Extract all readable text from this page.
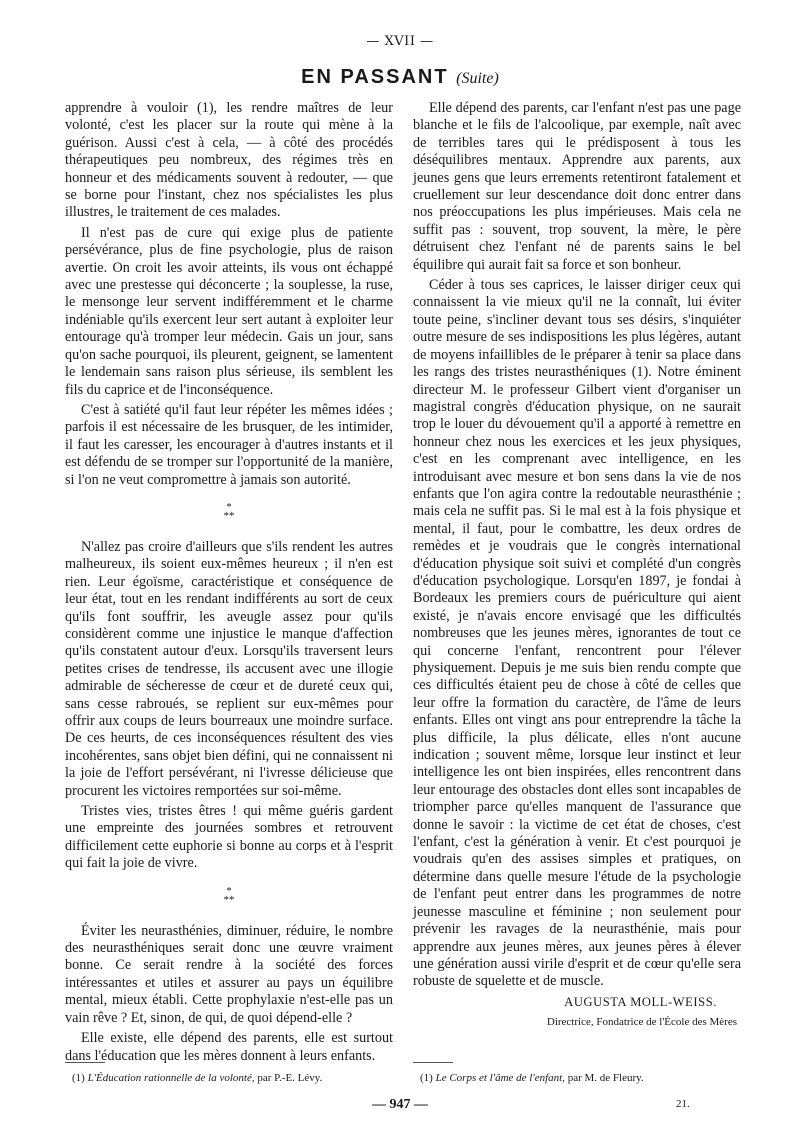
— XVII —
EN PASSANT (Suite)

apprendre à vouloir (1), les rendre maîtres de leur volonté, c'est les placer sur la route qui mène à la guérison. Aussi c'est à cela, — à côté des procédés thérapeutiques peu nombreux, des régimes très en honneur et des médicaments souvent à redouter, — que se borne pour l'instant, chez nos spécialistes les plus illustres, le traitement de ces malades.

Il n'est pas de cure qui exige plus de patiente persévérance, plus de fine psychologie, plus de raison avertie. On croit les avoir atteints, ils vous ont échappé avec une prestesse qui déconcerte ; la souplesse, la ruse, le mensonge leur servent indifféremment et le charme indéniable qu'ils exercent leur sert autant à exploiter leur entourage qu'à tromper leur médecin. Gais un jour, sans qu'on sache pourquoi, ils pleurent, geignent, se lamentent le lendemain sans raison plus sérieuse, ils semblent les fils du caprice et de l'inconséquence.

C'est à satiété qu'il faut leur répéter les mêmes idées ; parfois il est nécessaire de les brusquer, de les intimider, il faut les caresser, les encourager à d'autres instants et il est défendu de se tromper sur l'opportunité de la manière, si l'on ne veut compromettre à jamais son autorité.

*
**

N'allez pas croire d'ailleurs que s'ils rendent les autres malheureux, ils soient eux-mêmes heureux ; il n'en est rien. Leur égoïsme, caractéristique et conséquence de leur état, tout en les rendant indifférents au sort de ceux qu'ils font souffrir, les aveugle assez pour qu'ils considèrent comme une injustice le manque d'affection qu'ils constatent autour d'eux. Lorsqu'ils traversent leurs petites crises de tendresse, ils accusent avec une illogie admirable de sécheresse de cœur et de dureté ceux qui, sans cesse rabroués, se replient sur eux-mêmes pour offrir aux coups de leurs bourreaux une moindre surface. De ces heurts, de ces inconséquences résultent des vies incohérentes, sans objet bien défini, qui ne connaissent ni la joie de l'effort persévérant, ni l'ivresse délicieuse que procurent les victoires remportées sur soi-même.

Tristes vies, tristes êtres ! qui même guéris gardent une empreinte des journées sombres et retrouvent difficilement cette euphorie si bonne au corps et à l'esprit qui fait la joie de vivre.

*
**

Éviter les neurasthénies, diminuer, réduire, le nombre des neurasthéniques serait donc une œuvre vraiment bonne. Ce serait rendre à la société des forces intéressantes et utiles et assurer au pays un équilibre mental, mieux établi. Cette prophylaxie n'est-elle pas un vain rêve ? Et, sinon, de qui, de quoi dépend-elle ?

Elle existe, elle dépend des parents, elle est surtout dans l'éducation que les mères donnent à leurs enfants.

Elle dépend des parents, car l'enfant n'est pas une page blanche et le fils de l'alcoolique, par exemple, naît avec de terribles tares qui le prédisposent à tous les déséquilibres mentaux. Apprendre aux parents, aux jeunes gens que leurs errements retentiront fatalement et cruellement sur leur descendance doit donc entrer dans nos préoccupations les plus impérieuses. Mais cela ne suffit pas : souvent, trop souvent, la mère, le père détruisent chez l'enfant né de parents sains le bel équilibre qui aurait fait sa force et son bonheur.

Céder à tous ses caprices, le laisser diriger ceux qui connaissent la vie mieux qu'il ne la connaît, lui éviter toute peine, s'incliner devant tous ses désirs, s'inquiéter outre mesure de ses indispositions les plus légères, autant de moyens infaillibles de le préparer à tenir sa place dans les rangs des tristes neurasthéniques (1). Notre éminent directeur M. le professeur Gilbert vient d'organiser un magistral congrès d'éducation physique, on ne saurait trop le louer du dévouement qu'il a apporté à remettre en honneur chez nous les exercices et les jeux physiques, c'est en les comprenant avec intelligence, en les introduisant avec mesure et bon sens dans la vie de nos enfants que l'on agira contre la redoutable neurasthénie ; mais cela ne suffit pas. Si le mal est à la fois physique et mental, il faut, pour le combattre, les deux ordres de remèdes et je voudrais que le congrès international d'éducation physique soit suivi et complété d'un congrès d'éducation psychologique. Lorsqu'en 1897, je fondai à Bordeaux les premiers cours de puériculture qui aient existé, je n'avais encore envisagé que les difficultés nombreuses que les jeunes mères, ignorantes de tout ce qui concerne l'enfant, rencontrent pour l'élever physiquement. Depuis je me suis bien rendu compte que ces difficultés étaient peu de chose à côté de celles que leur offre la formation du caractère, de l'âme de leurs enfants. Elles ont vingt ans pour entreprendre la tâche la plus difficile, la plus délicate, elles n'ont aucune indication ; souvent même, lorsque leur instinct et leur intelligence les ont bien inspirées, elles rencontrent dans leur entourage des obstacles dont elles sont incapables de triompher parce qu'elles manquent de l'assurance que donne le savoir : la victime de cet état de choses, c'est l'enfant, c'est la génération à venir. Et c'est pourquoi je voudrais qu'en des assises simples et pratiques, on détermine dans quelle mesure l'étude de la psychologie de l'enfant peut entrer dans les programmes de notre jeunesse masculine et féminine ; non seulement pour prévenir les ravages de la neurasthénie, mais pour apprendre aux jeunes mères, aux jeunes pères à élever une génération aussi virile d'esprit et de cœur qu'elle sera robuste de squelette et de muscle.

AUGUSTA MOLL-WEISS.

Directrice, Fondatrice de l'École des Mères

(1) L'Éducation rationnelle de la volonté, par P.-E. Lévy.	(1) Le Corps et l'âme de l'enfant, par M. de Fleury.
— 947 —	21.
